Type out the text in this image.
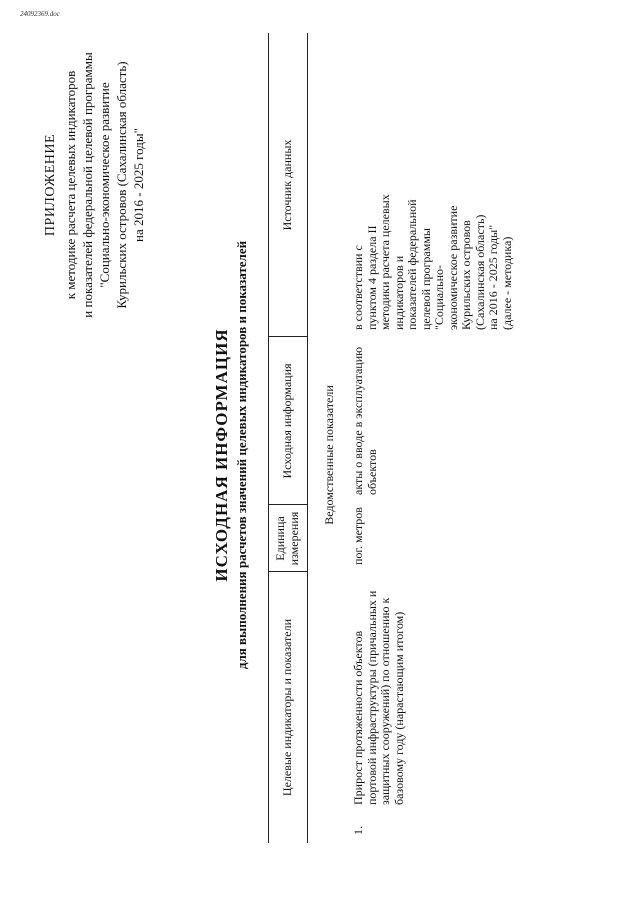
24092369.doc
ПРИЛОЖЕНИЕ к методике расчета целевых индикаторов и показателей федеральной целевой программы "Социально-экономическое развитие Курильских островов (Сахалинская область) на 2016 - 2025 годы"
ИСХОДНАЯ ИНФОРМАЦИЯ для выполнения расчетов значений целевых индикаторов и показателей
Целевые индикаторы и показатели
Единица измерения
Исходная информация
Источник данных
Ведомственные показатели
1.
Прирост протяженности объектов портовой инфраструктуры (причальных и защитных сооружений) по отношению к базовому году (нарастающим итогом)
пог. метров
акты о вводе в эксплуатацию объектов
в соответствии с пунктом 4 раздела II методики расчета целевых индикаторов и показателей федеральной целевой программы "Социально- экономическое развитие Курильских островов (Сахалинская область) на 2016 - 2025 годы" (далее - методика)
